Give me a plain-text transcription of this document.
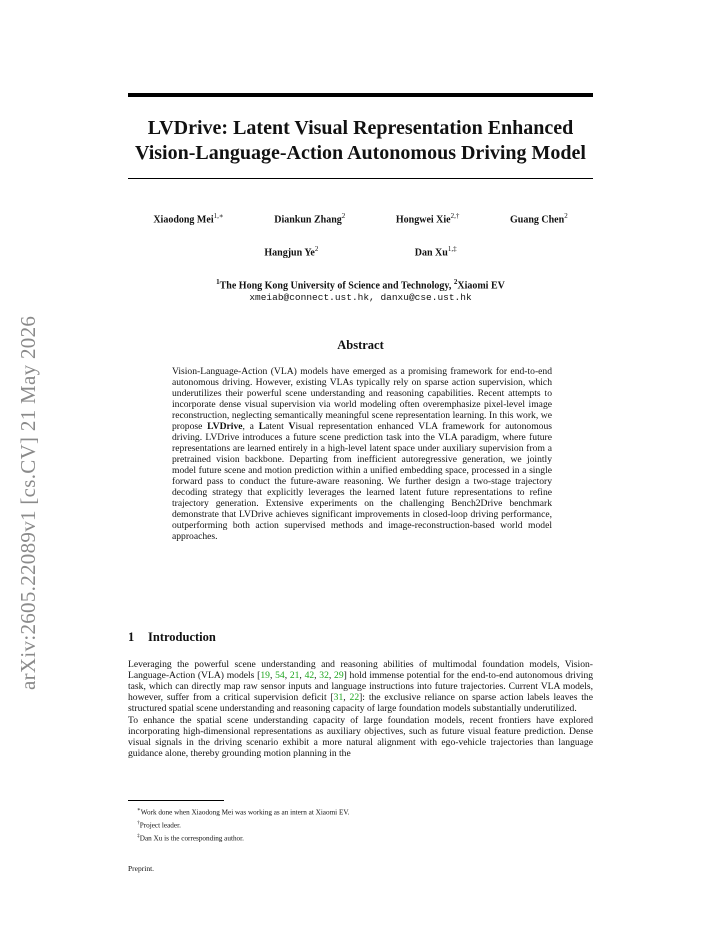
arXiv:2605.22089v1 [cs.CV] 21 May 2026
LVDrive: Latent Visual Representation Enhanced
Vision-Language-Action Autonomous Driving Model
Xiaodong Mei$^{1,∗}$	Diankun Zhang$^2$	Hongwei Xie$^{2,\dagger}$	Guang Chen$^2$
Hangjun Ye$^2$	Dan $Xu^{1,\ddagger}$
$^1$The Hong Kong University of Science and Technology, $^2$Xiaomi EV
xmeiab@connect.ust.hk, danxu@cse.ust.hk
Abstract
Vision-Language-Action (VLA) models have emerged as a promising framework for end-to-end autonomous driving. However, existing VLAs typically rely on sparse action supervision, which underutilizes their powerful scene understanding and reasoning capabilities. Recent attempts to incorporate dense visual supervision via world modeling often overemphasize pixel-level image reconstruction, neglecting semantically meaningful scene representation learning. In this work, we propose LVDrive, a Latent Visual representation enhanced VLA framework for autonomous driving. LVDrive introduces a future scene prediction task into the VLA paradigm, where future representations are learned entirely in a high-level latent space under auxiliary supervision from a pretrained vision backbone. Departing from inefficient autoregressive generation, we jointly model future scene and motion prediction within a unified embedding space, processed in a single forward pass to conduct the future-aware reasoning. We further design a two-stage trajectory decoding strategy that explicitly leverages the learned latent future representations to refine trajectory generation. Extensive experiments on the challenging Bench2Drive benchmark demonstrate that LVDrive achieves significant improvements in closed-loop driving performance, outperforming both action supervised methods and image-reconstruction-based world model approaches.
1 Introduction

Leveraging the powerful scene understanding and reasoning abilities of multimodal foundation models, Vision-Language-Action (VLA) models [19, 54, 21, 42, 32, 29] hold immense potential for the end-to-end autonomous driving task, which can directly map raw sensor inputs and language instructions into future trajectories. Current VLA models, however, suffer from a critical supervision deficit [31, 22]: the exclusive reliance on sparse action labels leaves the structured spatial scene understanding and reasoning capacity of large foundation models substantially underutilized.

To enhance the spatial scene understanding capacity of large foundation models, recent frontiers have explored incorporating high-dimensional representations as auxiliary objectives, such as future visual feature prediction. Dense visual signals in the driving scenario exhibit a more natural alignment with ego-vehicle trajectories than language guidance alone, thereby grounding motion planning in the

∗Work done when Xiaodong Mei was working as an intern at Xiaomi EV.
†Project leader.
‡Dan Xu is the corresponding author.
Preprint.
